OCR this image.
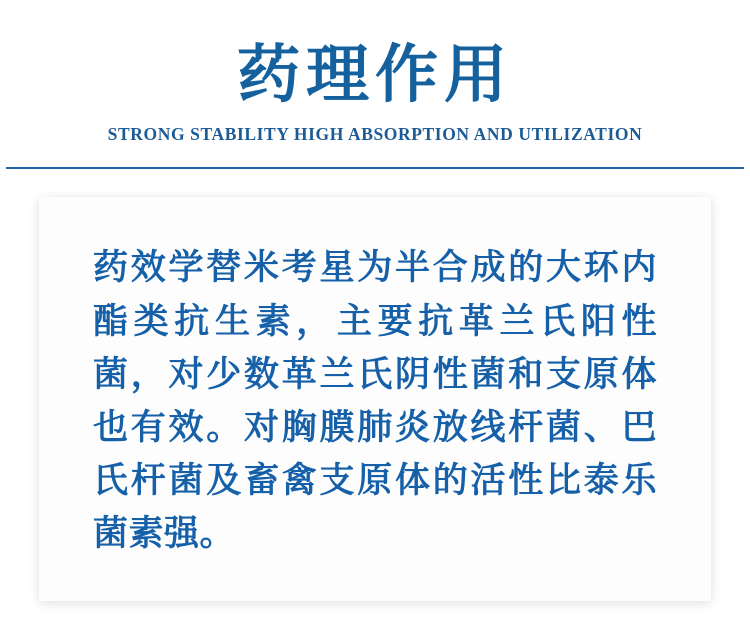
药理作用
STRONG STABILITY HIGH ABSORPTION AND UTILIZATION

药效学替米考星为半合成的大环内酯类抗生素，主要抗革兰氏阳性菌，对少数革兰氏阴性菌和支原体也有效。对胸膜肺炎放线杆菌、巴氏杆菌及畜禽支原体的活性比泰乐菌素强。
